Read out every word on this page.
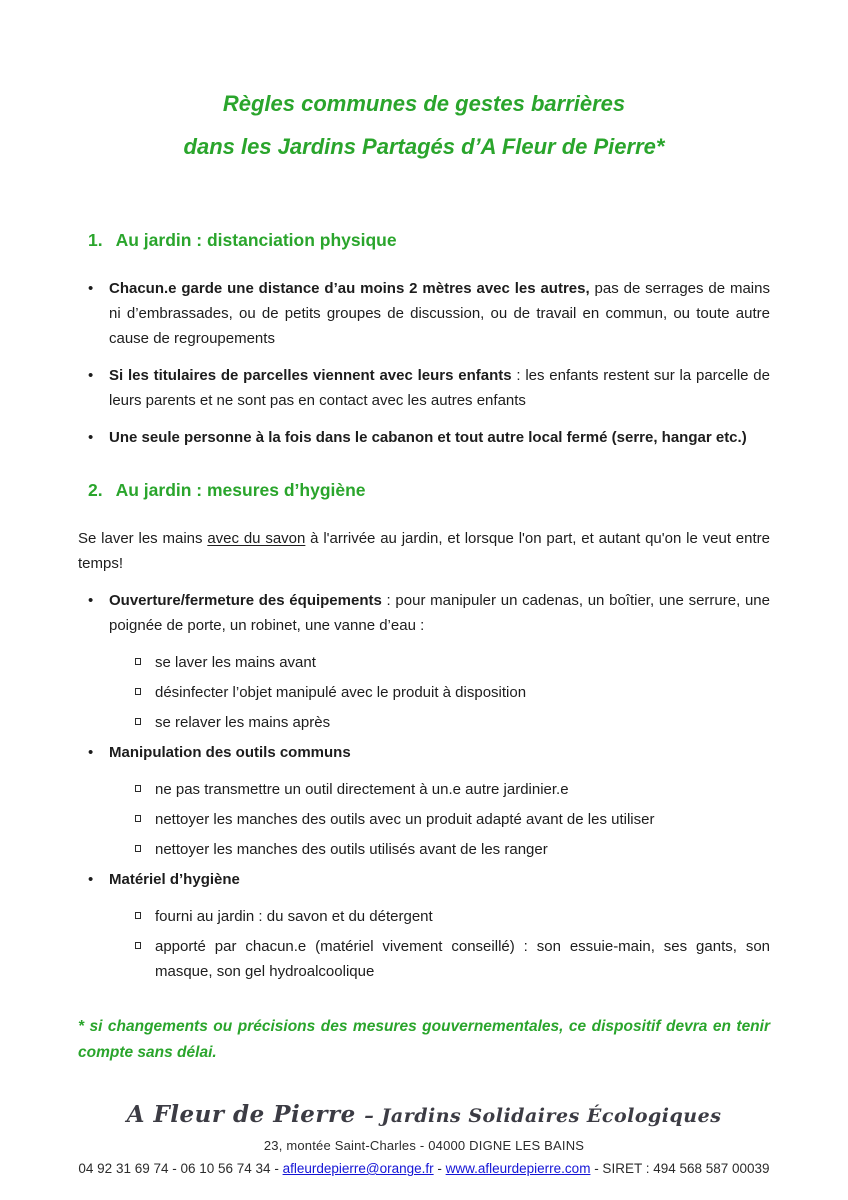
Règles communes de gestes barrières
dans les Jardins Partagés d’A Fleur de Pierre*
1. Au jardin : distanciation physique
•	Chacun.e garde une distance d’au moins 2 mètres avec les autres, pas de serrages de mains ni d’embrassades, ou de petits groupes de discussion, ou de travail en commun, ou toute autre cause de regroupements

•	Si les titulaires de parcelles viennent avec leurs enfants : les enfants restent sur la parcelle de leurs parents et ne sont pas en contact avec les autres enfants

•	Une seule personne à la fois dans le cabanon et tout autre local fermé (serre, hangar etc.)

2. Au jardin : mesures d’hygiène

Se laver les mains avec du savon à l'arrivée au jardin, et lorsque l'on part, et autant qu'on le veut entre temps!

•	Ouverture/fermeture des équipements : pour manipuler un cadenas, un boîtier, une serrure, une poignée de porte, un robinet, une vanne d’eau :

se laver les mains avant

désinfecter l’objet manipulé avec le produit à disposition

se relaver les mains après

•	Manipulation des outils communs

ne pas transmettre un outil directement à un.e autre jardinier.e

nettoyer les manches des outils avec un produit adapté avant de les utiliser

nettoyer les manches des outils utilisés avant de les ranger

•	Matériel d’hygiène

fourni au jardin : du savon et du détergent

apporté par chacun.e (matériel vivement conseillé) : son essuie-main, ses gants, son masque, son gel hydroalcoolique

* si changements ou précisions des mesures gouvernementales, ce dispositif devra en tenir compte sans délai.

A Fleur de Pierre – Jardins Solidaires Écologiques
23, montée Saint-Charles - 04000 DIGNE LES BAINS
04 92 31 69 74 - 06 10 56 74 34 - afleurdepierre@orange.fr - www.afleurdepierre.com - SIRET : 494 568 587 00039
